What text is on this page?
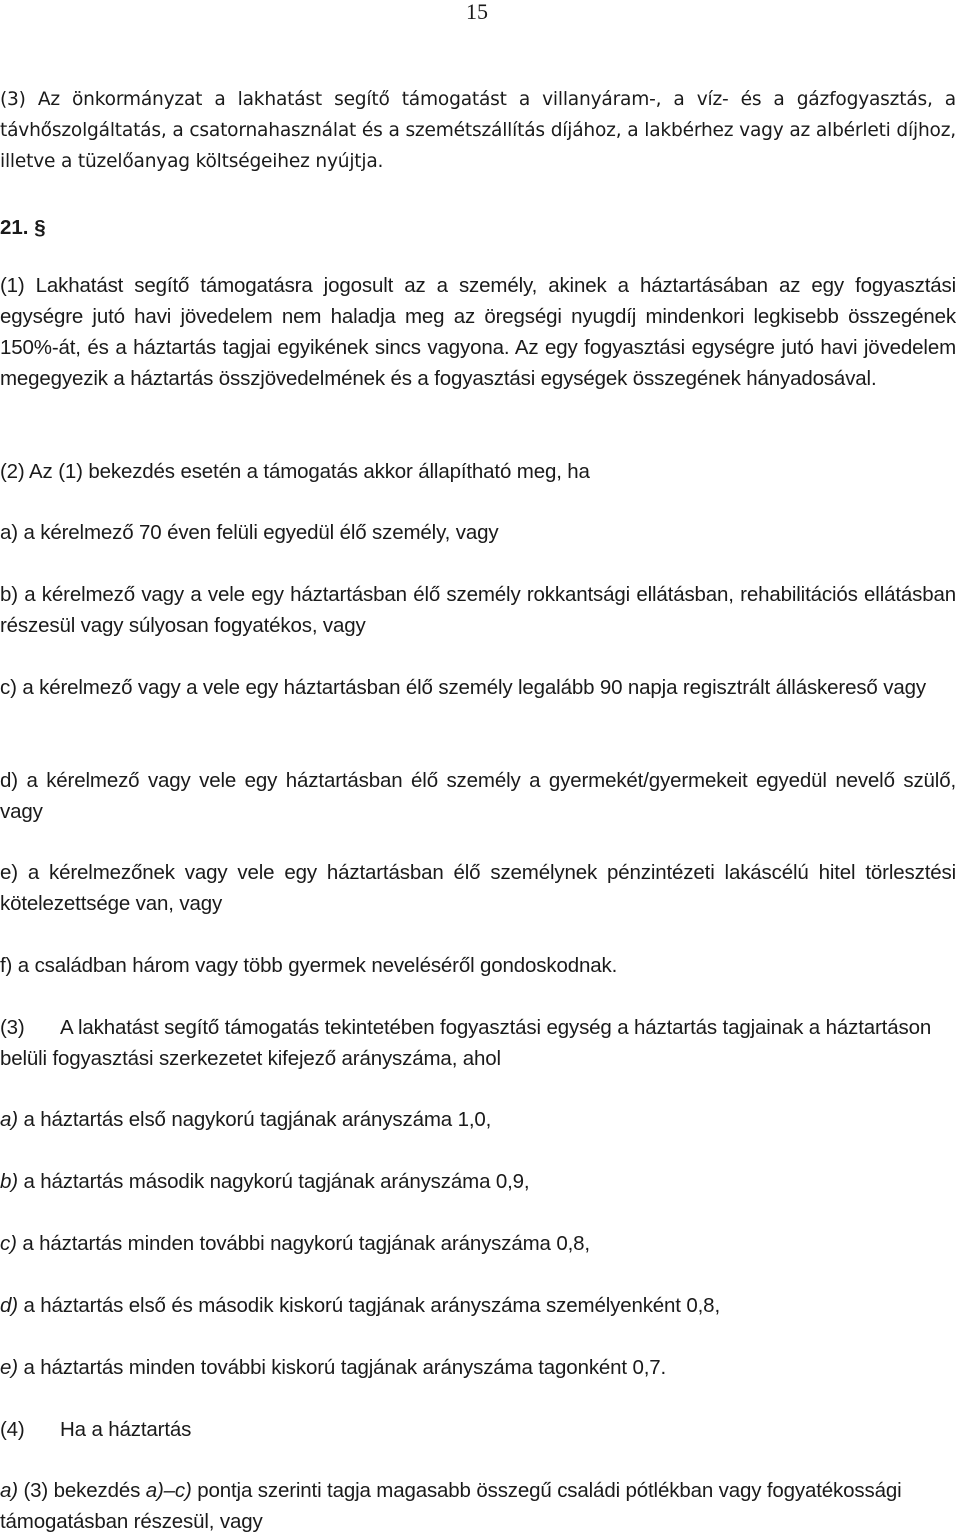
15

(3) Az önkormányzat a lakhatást segítő támogatást a villanyáram-, a víz- és a gázfogyasztás, a távhőszolgáltatás, a csatornahasználat és a szemétszállítás díjához, a lakbérhez vagy az albérleti díjhoz, illetve a tüzelőanyag költségeihez nyújtja.

21. §

(1) Lakhatást segítő támogatásra jogosult az a személy, akinek a háztartásában az egy fogyasztási egységre jutó havi jövedelem nem haladja meg az öregségi nyugdíj mindenkori legkisebb összegének 150%-át, és a háztartás tagjai egyikének sincs vagyona. Az egy fogyasztási egységre jutó havi jövedelem megegyezik a háztartás összjövedelmének és a fogyasztási egységek összegének hányadosával.

(2) Az (1) bekezdés esetén a támogatás akkor állapítható meg, ha

a) a kérelmező 70 éven felüli egyedül élő személy, vagy

b) a kérelmező vagy a vele egy háztartásban élő személy rokkantsági ellátásban, rehabilitációs ellátásban részesül vagy súlyosan fogyatékos, vagy

c) a kérelmező vagy a vele egy háztartásban élő személy legalább 90 napja regisztrált álláskereső vagy

d) a kérelmező vagy vele egy háztartásban élő személy a gyermekét/gyermekeit egyedül nevelő szülő, vagy

e) a kérelmezőnek vagy vele egy háztartásban élő személynek pénzintézeti lakáscélú hitel törlesztési kötelezettsége van, vagy

f) a családban három vagy több gyermek neveléséről gondoskodnak.

(3) A lakhatást segítő támogatás tekintetében fogyasztási egység a háztartás tagjainak a háztartáson belüli fogyasztási szerkezetet kifejező arányszáma, ahol

a) a háztartás első nagykorú tagjának arányszáma 1,0,

b) a háztartás második nagykorú tagjának arányszáma 0,9,

c) a háztartás minden további nagykorú tagjának arányszáma 0,8,

d) a háztartás első és második kiskorú tagjának arányszáma személyenként 0,8,

e) a háztartás minden további kiskorú tagjának arányszáma tagonként 0,7.

(4) Ha a háztartás

a) (3) bekezdés a)–c) pontja szerinti tagja magasabb összegű családi pótlékban vagy fogyatékossági támogatásban részesül, vagy
